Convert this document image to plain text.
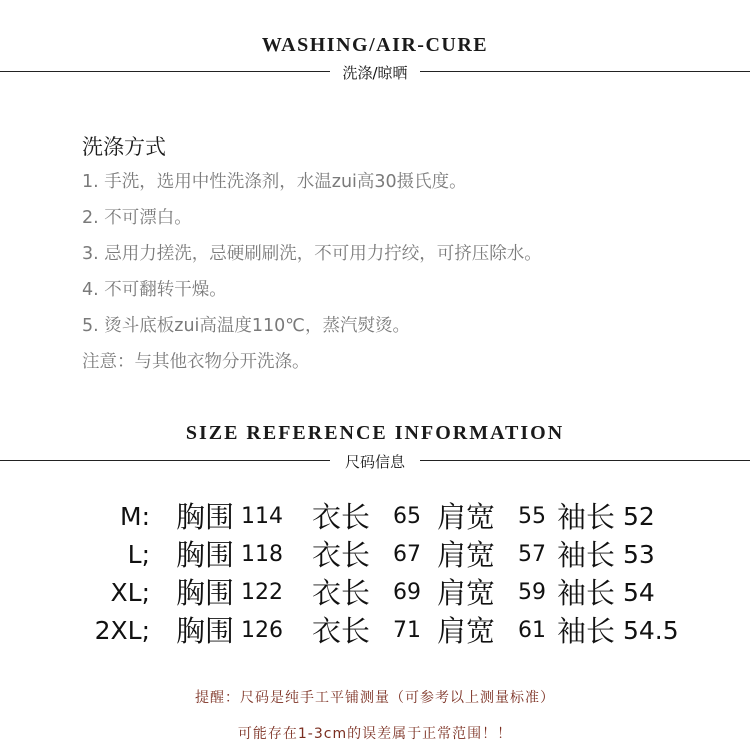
WASHING/AIR-CURE
洗涤/晾晒
洗涤方式
1. 手洗，选用中性洗涤剂，水温zui高30摄氏度。
2. 不可漂白。
3. 忌用力搓洗，忌硬刷刷洗，不可用力拧绞，可挤压除水。
4. 不可翻转干燥。
5. 烫斗底板zui高温度110℃，蒸汽熨烫。
注意：与其他衣物分开洗涤。
SIZE REFERENCE INFORMATION
尺码信息
M: 胸围 114 衣长 65 肩宽 55 袖长 52
L; 胸围 118 衣长 67 肩宽 57 袖长 53
XL; 胸围 122 衣长 69 肩宽 59 袖长 54
2XL; 胸围 126 衣长 71 肩宽 61 袖长 54.5
提醒：尺码是纯手工平铺测量（可参考以上测量标准）
可能存在1-3cm的误差属于正常范围！！
